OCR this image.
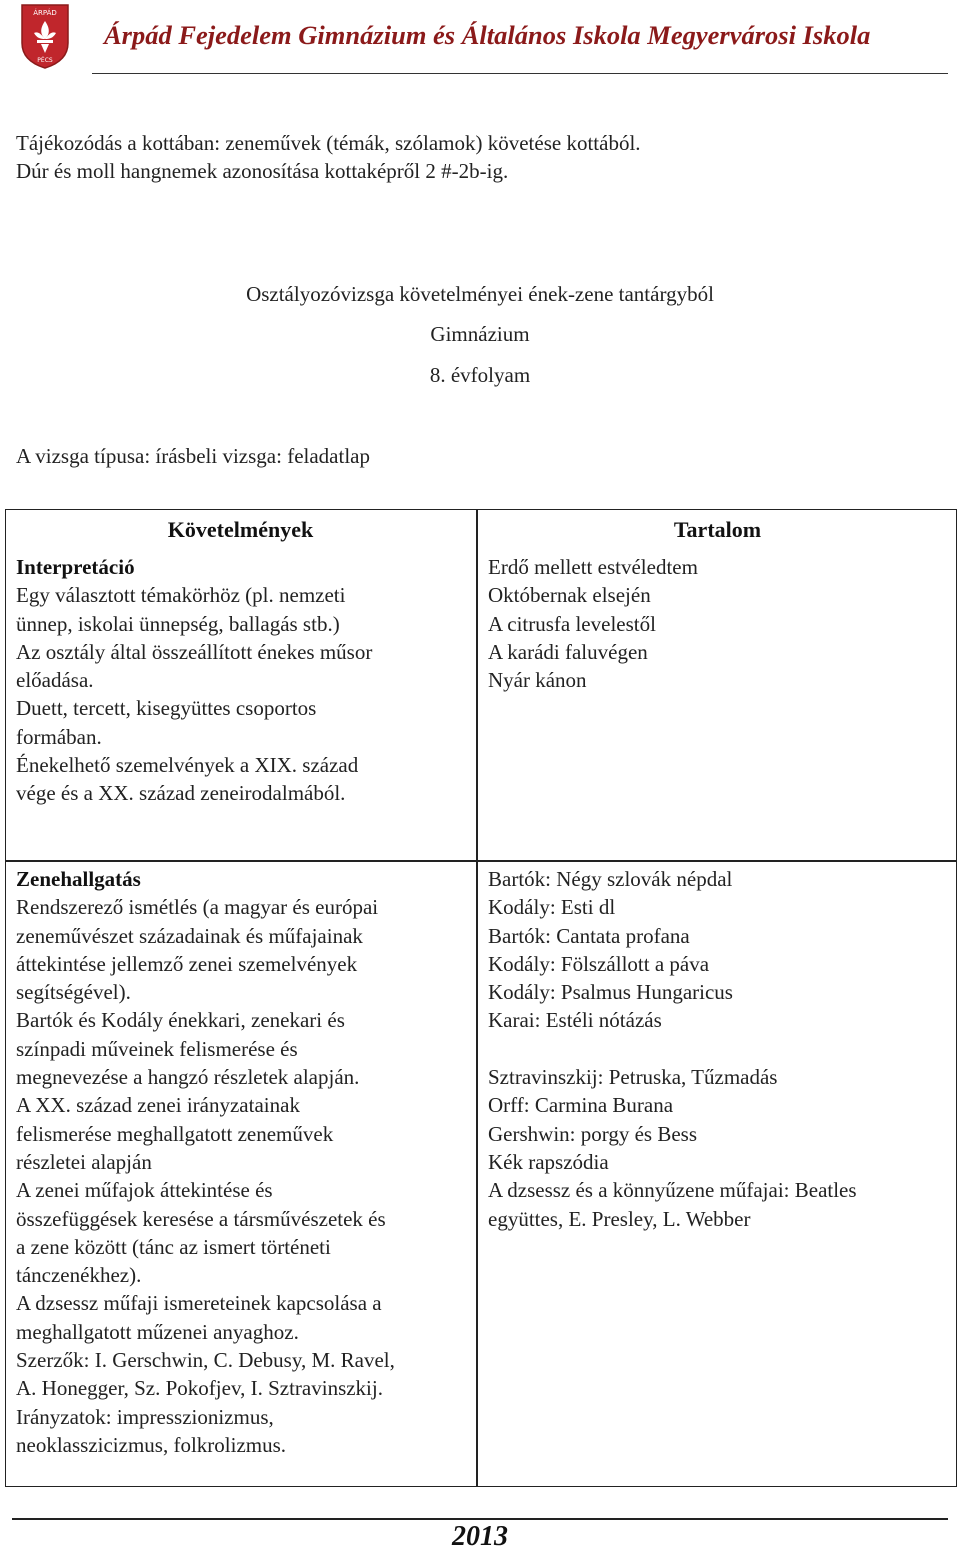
ÁRPÁD
PÉCS
Árpád Fejedelem Gimnázium és Általános Iskola Megyervárosi Iskola
Tájékozódás a kottában: zeneművek (témák, szólamok) követése kottából.
Dúr és moll hangnemek azonosítása kottaképről 2 #-2b-ig.
Osztályozóvizsga követelményei ének-zene tantárgyból
Gimnázium
8. évfolyam
A vizsga típusa: írásbeli vizsga: feladatlap
Követelmények	Tartalom
Interpretáció
Egy választott témakörhöz (pl. nemzeti
ünnep, iskolai ünnepség, ballagás stb.)
Az osztály által összeállított énekes műsor
előadása.
Duett, tercett, kisegyüttes csoportos
formában.
Énekelhető szemelvények a XIX. század
vége és a XX. század zeneirodalmából.
Erdő mellett estvéledtem
Októbernak elsején
A citrusfa levelestől
A karádi faluvégen
Nyár kánon
Zenehallgatás
Rendszerező ismétlés (a magyar és európai
zeneművészet századainak és műfajainak
áttekintése jellemző zenei szemelvények
segítségével).
Bartók és Kodály énekkari, zenekari és
színpadi műveinek felismerése és
megnevezése a hangzó részletek alapján.
A XX. század zenei irányzatainak
felismerése meghallgatott zeneművek
részletei alapján
A zenei műfajok áttekintése és
összefüggések keresése a társművészetek és
a zene között (tánc az ismert történeti
tánczenékhez).
A dzsessz műfaji ismereteinek kapcsolása a
meghallgatott műzenei anyaghoz.
Szerzők: I. Gerschwin, C. Debusy, M. Ravel,
A. Honegger, Sz. Pokofjev, I. Sztravinszkij.
Irányzatok: impresszionizmus,
neoklasszicizmus, folkrolizmus.
Bartók: Négy szlovák népdal
Kodály: Esti dl
Bartók: Cantata profana
Kodály: Fölszállott a páva
Kodály: Psalmus Hungaricus
Karai: Estéli nótázás
Sztravinszkij: Petruska, Tűzmadás
Orff: Carmina Burana
Gershwin: porgy és Bess
Kék rapszódia
A dzsessz és a könnyűzene műfajai: Beatles
együttes, E. Presley, L. Webber
2013
